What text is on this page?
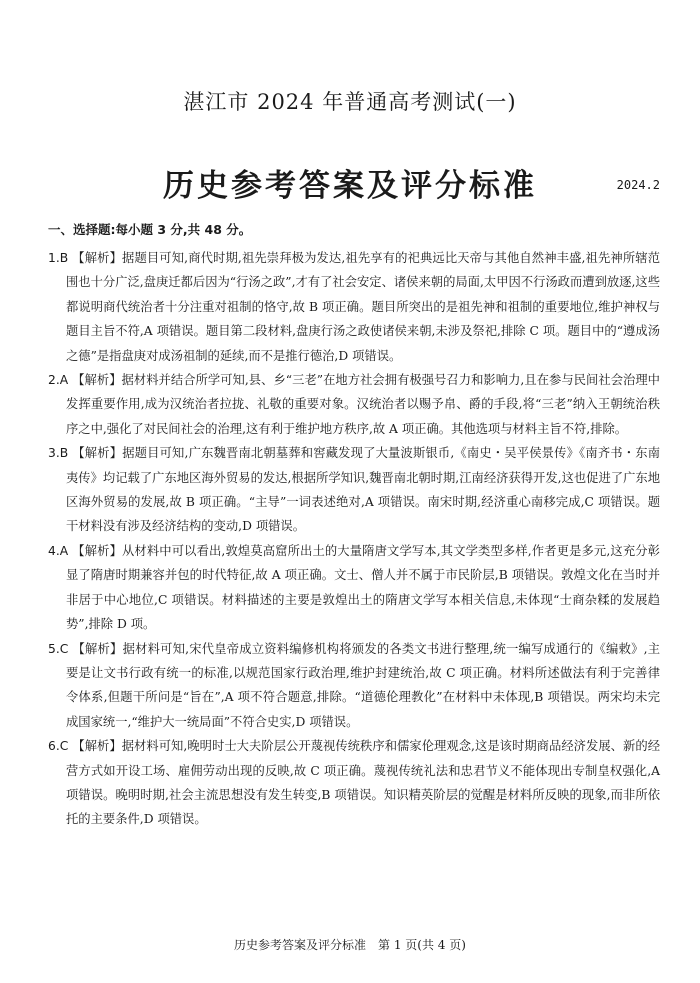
湛江市 2024 年普通高考测试(一)
历史参考答案及评分标准	2024.2
一、选择题:每小题 3 分,共 48 分。

1.B 【解析】据题目可知,商代时期,祖先崇拜极为发达,祖先享有的祀典远比天帝与其他自然神丰盛,祖先神所辖范围也十分广泛,盘庚迁都后因为“行汤之政”,才有了社会安定、诸侯来朝的局面,太甲因不行汤政而遭到放逐,这些都说明商代统治者十分注重对祖制的恪守,故 B 项正确。题目所突出的是祖先神和祖制的重要地位,维护神权与题目主旨不符,A 项错误。题目第二段材料,盘庚行汤之政使诸侯来朝,未涉及祭祀,排除 C 项。题目中的“遵成汤之德”是指盘庚对成汤祖制的延续,而不是推行德治,D 项错误。

2.A 【解析】据材料并结合所学可知,县、乡“三老”在地方社会拥有极强号召力和影响力,且在参与民间社会治理中发挥重要作用,成为汉统治者拉拢、礼敬的重要对象。汉统治者以赐予帛、爵的手段,将“三老”纳入王朝统治秩序之中,强化了对民间社会的治理,这有利于维护地方秩序,故 A 项正确。其他选项与材料主旨不符,排除。

3.B 【解析】据题目可知,广东魏晋南北朝墓葬和窖藏发现了大量波斯银币,《南史・吴平侯景传》《南齐书・东南夷传》均记载了广东地区海外贸易的发达,根据所学知识,魏晋南北朝时期,江南经济获得开发,这也促进了广东地区海外贸易的发展,故 B 项正确。“主导”一词表述绝对,A 项错误。南宋时期,经济重心南移完成,C 项错误。题干材料没有涉及经济结构的变动,D 项错误。

4.A 【解析】从材料中可以看出,敦煌莫高窟所出土的大量隋唐文学写本,其文学类型多样,作者更是多元,这充分彰显了隋唐时期兼容并包的时代特征,故 A 项正确。文士、僧人并不属于市民阶层,B 项错误。敦煌文化在当时并非居于中心地位,C 项错误。材料描述的主要是敦煌出土的隋唐文学写本相关信息,未体现“士商杂糅的发展趋势”,排除 D 项。

5.C 【解析】据材料可知,宋代皇帝成立资料编修机构将颁发的各类文书进行整理,统一编写成通行的《编敕》,主要是让文书行政有统一的标准,以规范国家行政治理,维护封建统治,故 C 项正确。材料所述做法有利于完善律令体系,但题干所问是“旨在”,A 项不符合题意,排除。“道德伦理教化”在材料中未体现,B 项错误。两宋均未完成国家统一,“维护大一统局面”不符合史实,D 项错误。

6.C 【解析】据材料可知,晚明时士大夫阶层公开蔑视传统秩序和儒家伦理观念,这是该时期商品经济发展、新的经营方式如开设工场、雇佣劳动出现的反映,故 C 项正确。蔑视传统礼法和忠君节义不能体现出专制皇权强化,A 项错误。晚明时期,社会主流思想没有发生转变,B 项错误。知识精英阶层的觉醒是材料所反映的现象,而非所依托的主要条件,D 项错误。

历史参考答案及评分标准　第 1 页(共 4 页)
